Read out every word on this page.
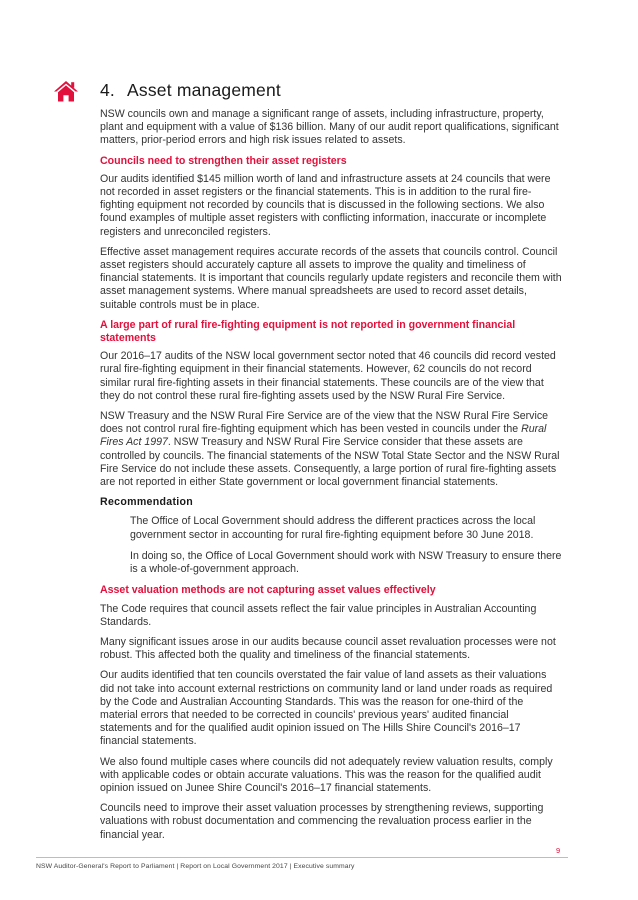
4. Asset management

NSW councils own and manage a significant range of assets, including infrastructure, property, plant and equipment with a value of $136 billion. Many of our audit report qualifications, significant matters, prior-period errors and high risk issues related to assets.

Councils need to strengthen their asset registers

Our audits identified $145 million worth of land and infrastructure assets at 24 councils that were not recorded in asset registers or the financial statements. This is in addition to the rural fire-fighting equipment not recorded by councils that is discussed in the following sections. We also found examples of multiple asset registers with conflicting information, inaccurate or incomplete registers and unreconciled registers.

Effective asset management requires accurate records of the assets that councils control. Council asset registers should accurately capture all assets to improve the quality and timeliness of financial statements. It is important that councils regularly update registers and reconcile them with asset management systems. Where manual spreadsheets are used to record asset details, suitable controls must be in place.

A large part of rural fire-fighting equipment is not reported in government financial statements

Our 2016–17 audits of the NSW local government sector noted that 46 councils did record vested rural fire-fighting equipment in their financial statements. However, 62 councils do not record similar rural fire-fighting assets in their financial statements. These councils are of the view that they do not control these rural fire-fighting assets used by the NSW Rural Fire Service.

NSW Treasury and the NSW Rural Fire Service are of the view that the NSW Rural Fire Service does not control rural fire-fighting equipment which has been vested in councils under the Rural Fires Act 1997. NSW Treasury and NSW Rural Fire Service consider that these assets are controlled by councils. The financial statements of the NSW Total State Sector and the NSW Rural Fire Service do not include these assets. Consequently, a large portion of rural fire-fighting assets are not reported in either State government or local government financial statements.

Recommendation

The Office of Local Government should address the different practices across the local government sector in accounting for rural fire-fighting equipment before 30 June 2018.

In doing so, the Office of Local Government should work with NSW Treasury to ensure there is a whole-of-government approach.

Asset valuation methods are not capturing asset values effectively

The Code requires that council assets reflect the fair value principles in Australian Accounting Standards.

Many significant issues arose in our audits because council asset revaluation processes were not robust. This affected both the quality and timeliness of the financial statements.

Our audits identified that ten councils overstated the fair value of land assets as their valuations did not take into account external restrictions on community land or land under roads as required by the Code and Australian Accounting Standards. This was the reason for one-third of the material errors that needed to be corrected in councils' previous years' audited financial statements and for the qualified audit opinion issued on The Hills Shire Council's 2016–17 financial statements.

We also found multiple cases where councils did not adequately review valuation results, comply with applicable codes or obtain accurate valuations. This was the reason for the qualified audit opinion issued on Junee Shire Council's 2016–17 financial statements.

Councils need to improve their asset valuation processes by strengthening reviews, supporting valuations with robust documentation and commencing the revaluation process earlier in the financial year.

9
NSW Auditor-General's Report to Parliament | Report on Local Government 2017 | Executive summary
